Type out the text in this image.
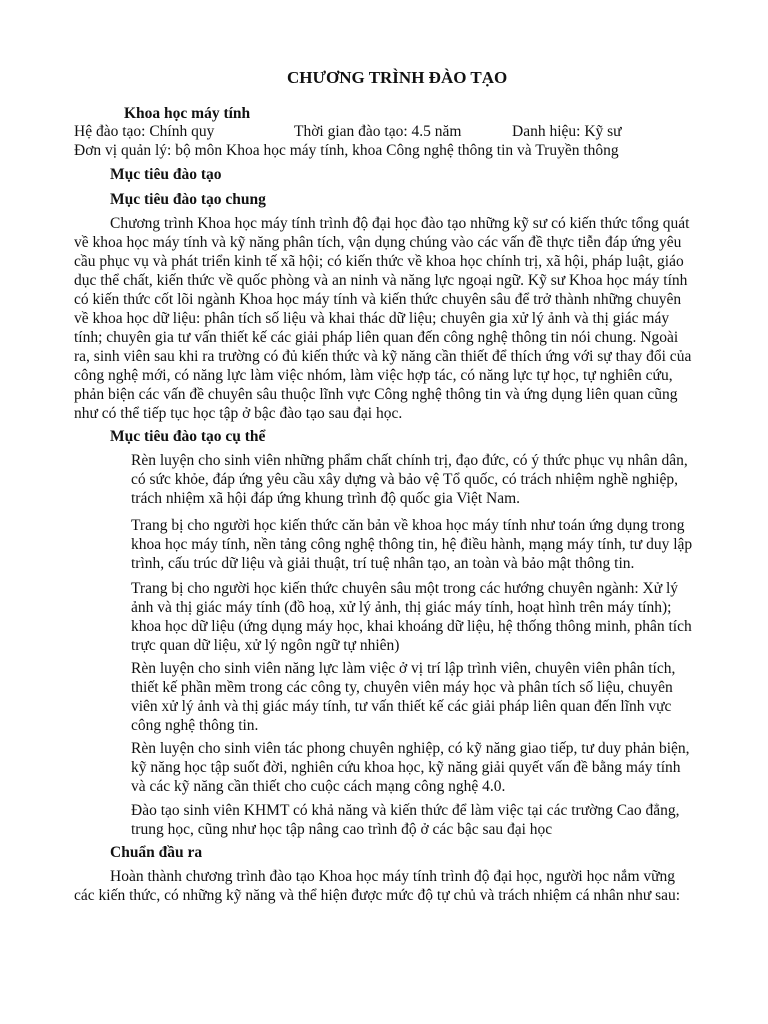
CHƯƠNG TRÌNH ĐÀO TẠO
Khoa học máy tính
Hệ đào tạo: Chính quy	Thời gian đào tạo: 4.5 năm	Danh hiệu: Kỹ sư
Đơn vị quản lý: bộ môn Khoa học máy tính, khoa Công nghệ thông tin và Truyền thông
Mục tiêu đào tạo
Mục tiêu đào tạo chung
Chương trình Khoa học máy tính trình độ đại học đào tạo những kỹ sư có kiến thức tổng quát
về khoa học máy tính và kỹ năng phân tích, vận dụng chúng vào các vấn đề thực tiễn đáp ứng yêu
cầu phục vụ và phát triển kinh tế xã hội; có kiến thức về khoa học chính trị, xã hội, pháp luật, giáo
dục thể chất, kiến thức về quốc phòng và an ninh và năng lực ngoại ngữ. Kỹ sư Khoa học máy tính
có kiến thức cốt lõi ngành Khoa học máy tính và kiến thức chuyên sâu để trở thành những chuyên
về khoa học dữ liệu: phân tích số liệu và khai thác dữ liệu; chuyên gia xử lý ảnh và thị giác máy
tính; chuyên gia tư vấn thiết kế các giải pháp liên quan đến công nghệ thông tin nói chung. Ngoài
ra, sinh viên sau khi ra trường có đủ kiến thức và kỹ năng cần thiết để thích ứng với sự thay đổi của
công nghệ mới, có năng lực làm việc nhóm, làm việc hợp tác, có năng lực tự học, tự nghiên cứu,
phản biện các vấn đề chuyên sâu thuộc lĩnh vực Công nghệ thông tin và ứng dụng liên quan cũng
như có thể tiếp tục học tập ở bậc đào tạo sau đại học.
Mục tiêu đào tạo cụ thể
Rèn luyện cho sinh viên những phẩm chất chính trị, đạo đức, có ý thức phục vụ nhân dân,
có sức khỏe, đáp ứng yêu cầu xây dựng và bảo vệ Tổ quốc, có trách nhiệm nghề nghiệp,
trách nhiệm xã hội đáp ứng khung trình độ quốc gia Việt Nam.
Trang bị cho người học kiến thức căn bản về khoa học máy tính như toán ứng dụng trong
khoa học máy tính, nền tảng công nghệ thông tin, hệ điều hành, mạng máy tính, tư duy lập
trình, cấu trúc dữ liệu và giải thuật, trí tuệ nhân tạo, an toàn và bảo mật thông tin.
Trang bị cho người học kiến thức chuyên sâu một trong các hướng chuyên ngành: Xử lý
ảnh và thị giác máy tính (đồ hoạ, xử lý ảnh, thị giác máy tính, hoạt hình trên máy tính);
khoa học dữ liệu (ứng dụng máy học, khai khoáng dữ liệu, hệ thống thông minh, phân tích
trực quan dữ liệu, xử lý ngôn ngữ tự nhiên)
Rèn luyện cho sinh viên năng lực làm việc ở vị trí lập trình viên, chuyên viên phân tích,
thiết kế phần mềm trong các công ty, chuyên viên máy học và phân tích số liệu, chuyên
viên xử lý ảnh và thị giác máy tính, tư vấn thiết kế các giải pháp liên quan đến lĩnh vực
công nghệ thông tin.
Rèn luyện cho sinh viên tác phong chuyên nghiệp, có kỹ năng giao tiếp, tư duy phản biện,
kỹ năng học tập suốt đời, nghiên cứu khoa học, kỹ năng giải quyết vấn đề bằng máy tính
và các kỹ năng cần thiết cho cuộc cách mạng công nghệ 4.0.
Đào tạo sinh viên KHMT có khả năng và kiến thức để làm việc tại các trường Cao đẳng,
trung học, cũng như học tập nâng cao trình độ ở các bậc sau đại học
Chuẩn đầu ra
Hoàn thành chương trình đào tạo Khoa học máy tính trình độ đại học, người học nắm vững
các kiến thức, có những kỹ năng và thể hiện được mức độ tự chủ và trách nhiệm cá nhân như sau:
